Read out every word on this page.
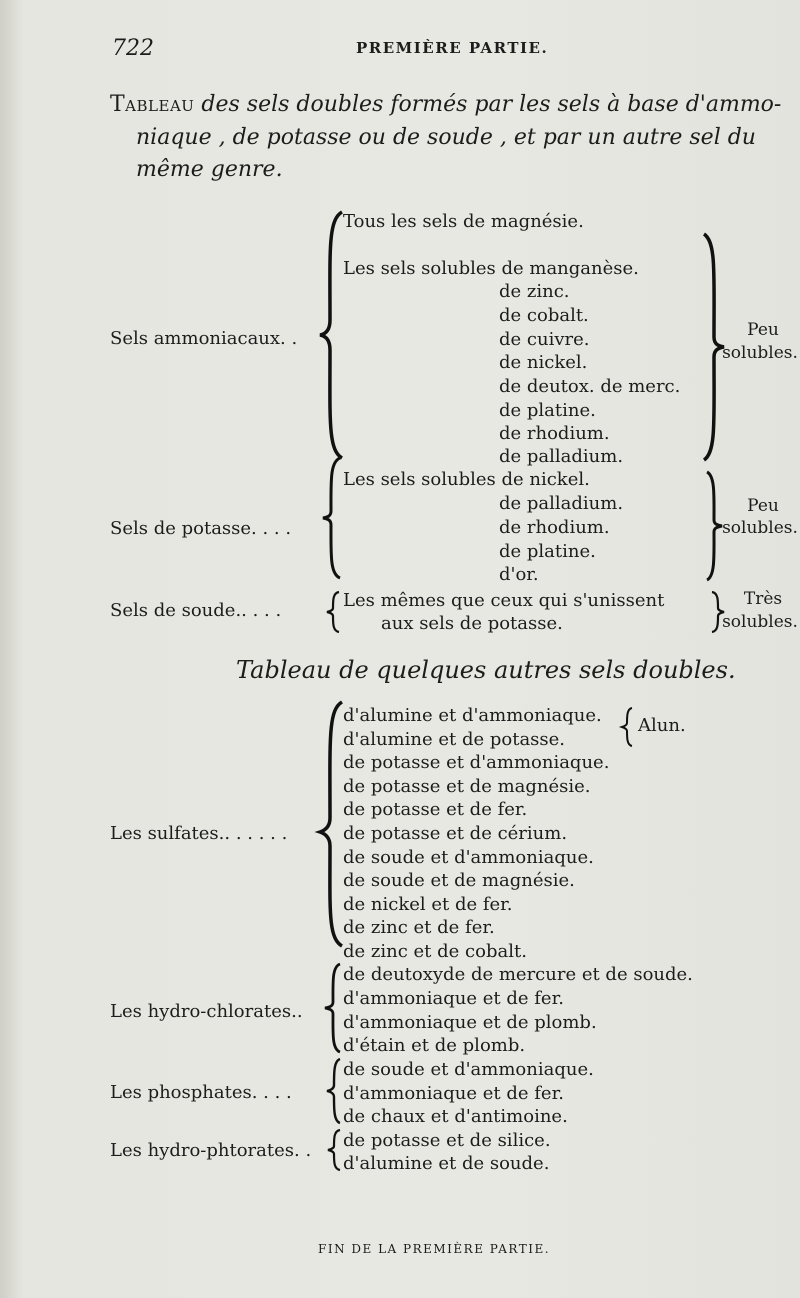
722	PREMIÈRE PARTIE.
Tableau des sels doubles formés par les sels à base d'ammo-
niaque , de potasse ou de soude , et par un autre sel du
même genre.
Sels ammoniacaux. .
Tous les sels de magnésie.
Les sels solubles de manganèse.
de zinc.
de cobalt.
de cuivre.
de nickel.
de deutox. de merc.
de platine.
de rhodium.
de palladium.
Peu
solubles.
Sels de potasse. . . .
Les sels solubles de nickel.
de palladium.
de rhodium.
de platine.
d'or.
Peu
solubles.
Sels de soude.. . . .	Les mêmes que ceux qui s'unissent
aux sels de potasse.
Très
solubles.
Tableau de quelques autres sels doubles.
Les sulfates.. . . . . .
d'alumine et d'ammoniaque.
d'alumine et de potasse.
de potasse et d'ammoniaque.
de potasse et de magnésie.
de potasse et de fer.
de potasse et de cérium.
de soude et d'ammoniaque.
de soude et de magnésie.
de nickel et de fer.
de zinc et de fer.
de zinc et de cobalt.
Alun.
Les hydro-chlorates..
de deutoxyde de mercure et de soude.
d'ammoniaque et de fer.
d'ammoniaque et de plomb.
d'étain et de plomb.
Les phosphates. . . .
de soude et d'ammoniaque.
d'ammoniaque et de fer.
de chaux et d'antimoine.
Les hydro-phtorates. . de potasse et de silice.
d'alumine et de soude.
FIN DE LA PREMIÈRE PARTIE.
